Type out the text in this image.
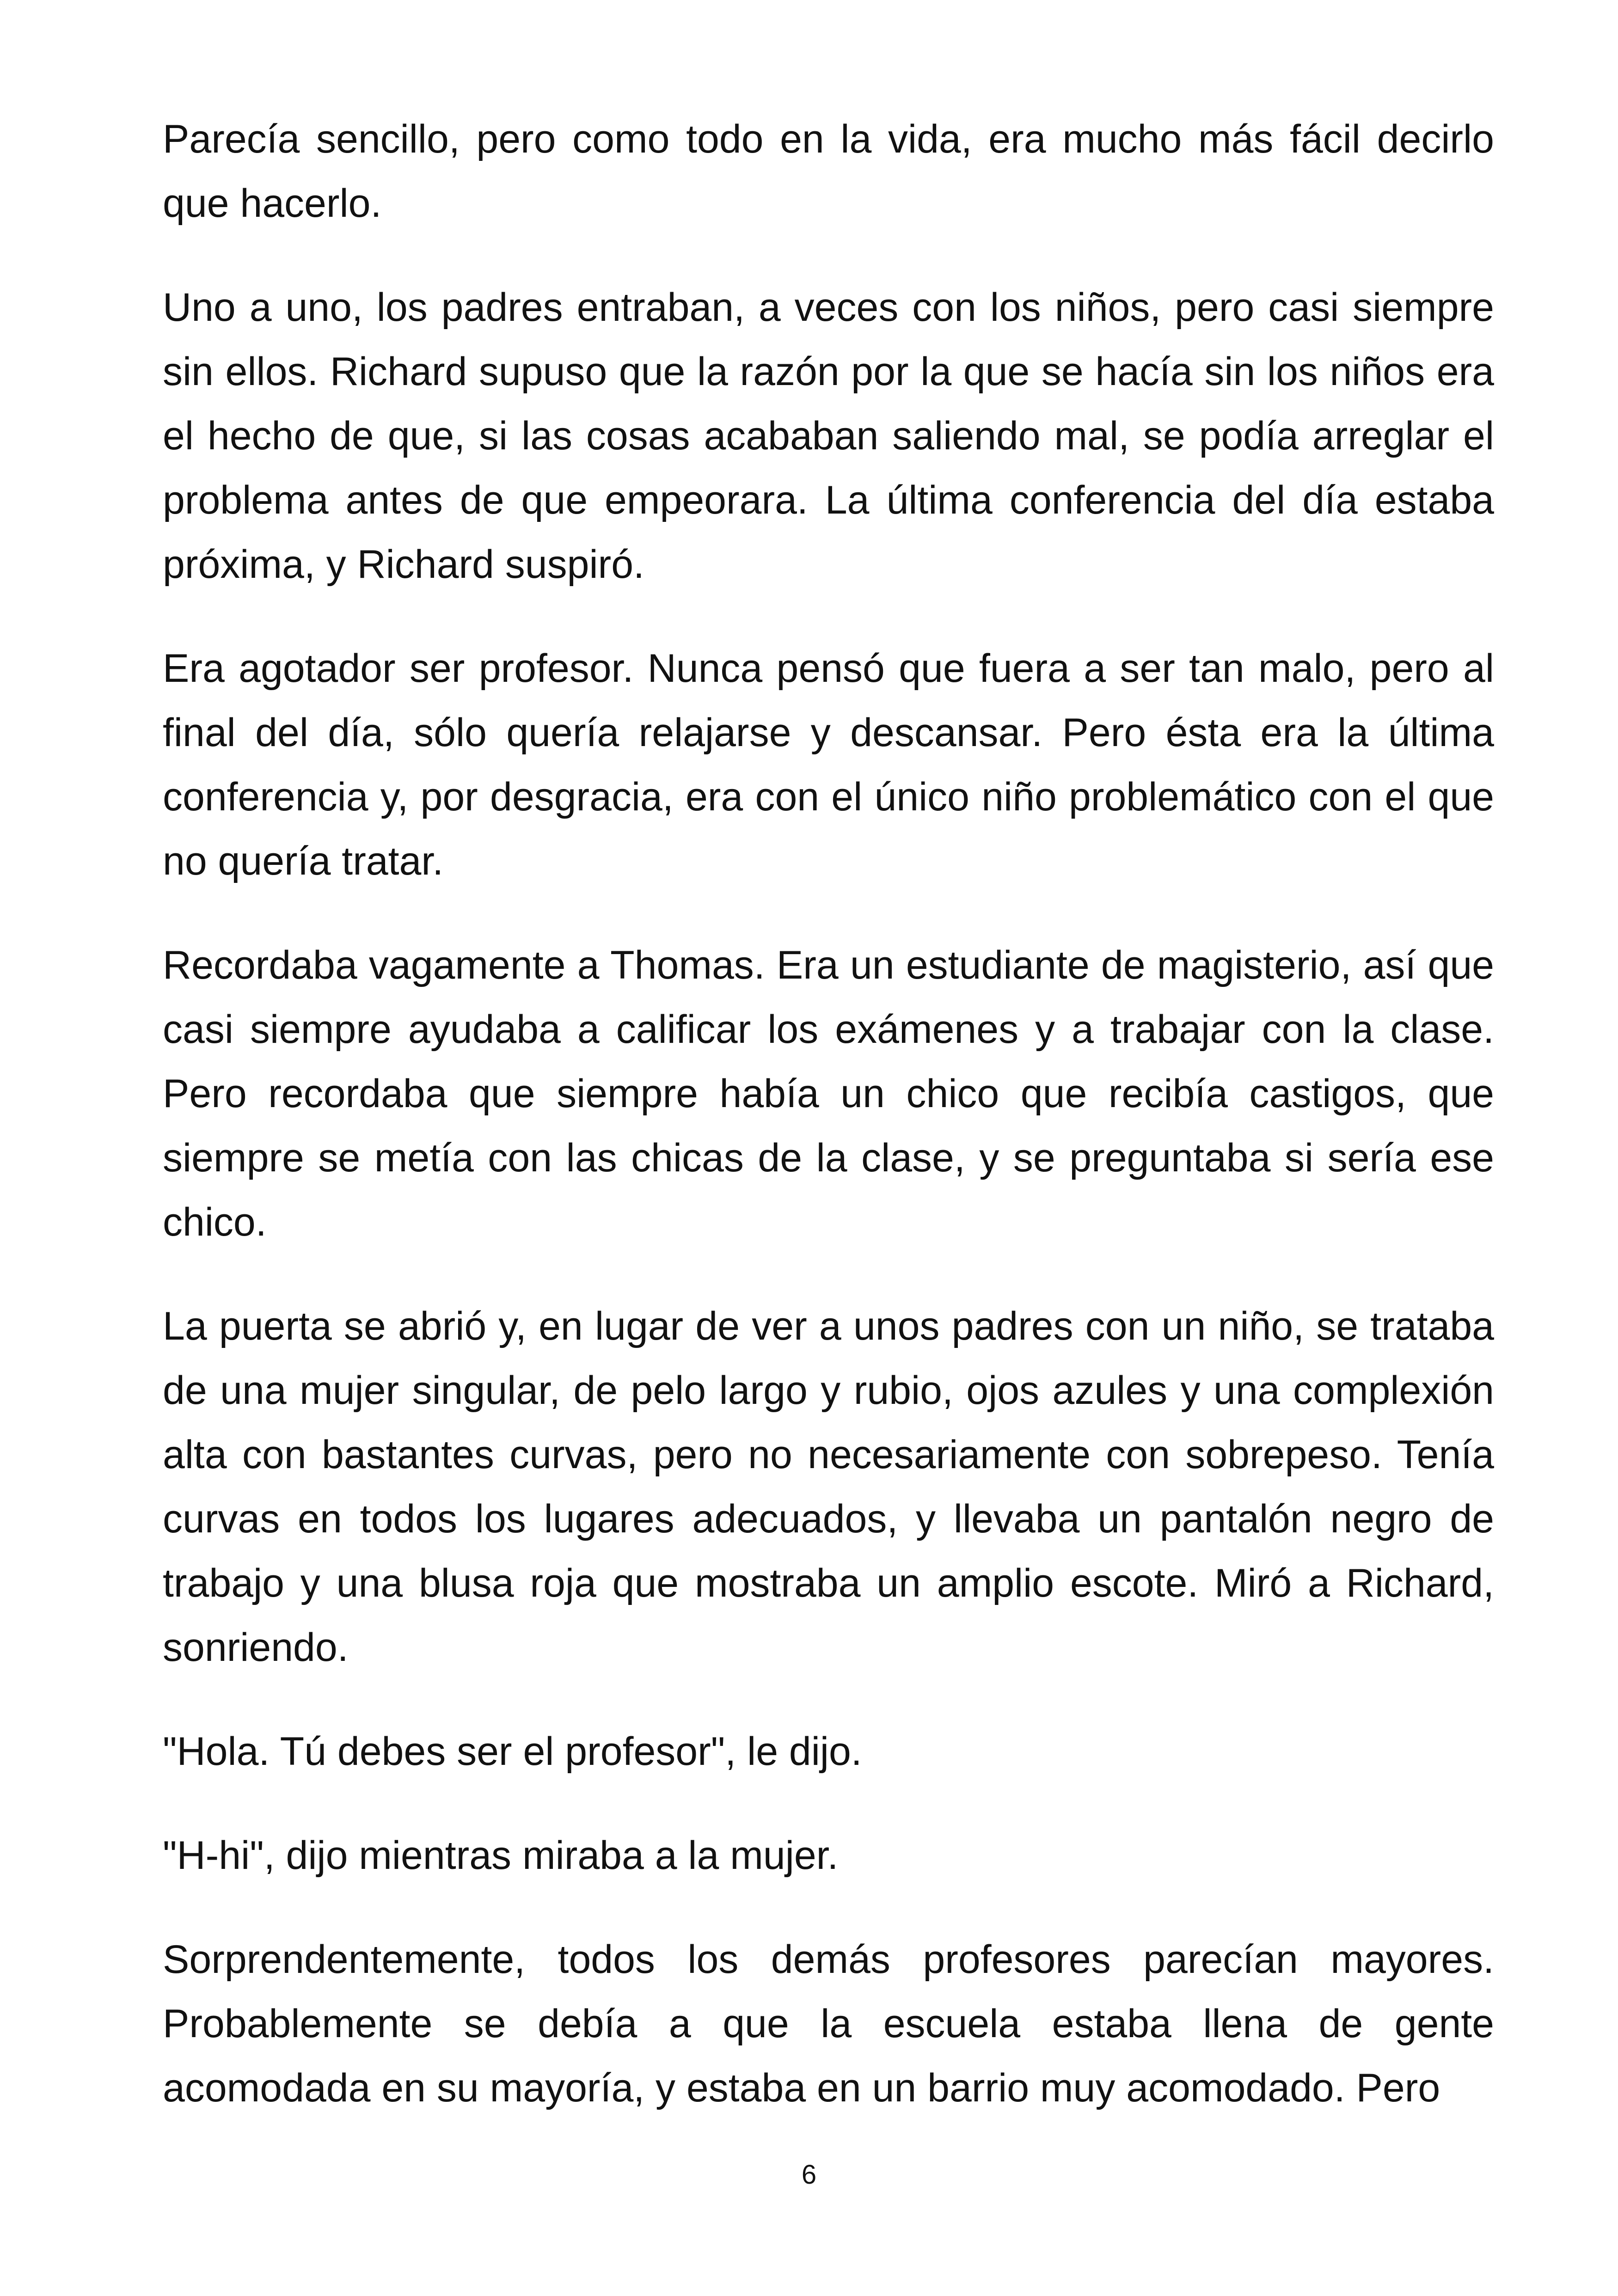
Parecía sencillo, pero como todo en la vida, era mucho más fácil decirlo que hacerlo.

Uno a uno, los padres entraban, a veces con los niños, pero casi siempre sin ellos. Richard supuso que la razón por la que se hacía sin los niños era el hecho de que, si las cosas acababan saliendo mal, se podía arreglar el problema antes de que empeorara. La última conferencia del día estaba próxima, y Richard suspiró.

Era agotador ser profesor. Nunca pensó que fuera a ser tan malo, pero al final del día, sólo quería relajarse y descansar. Pero ésta era la última conferencia y, por desgracia, era con el único niño problemático con el que no quería tratar.

Recordaba vagamente a Thomas. Era un estudiante de magisterio, así que casi siempre ayudaba a calificar los exámenes y a trabajar con la clase. Pero recordaba que siempre había un chico que recibía castigos, que siempre se metía con las chicas de la clase, y se preguntaba si sería ese chico.

La puerta se abrió y, en lugar de ver a unos padres con un niño, se trataba de una mujer singular, de pelo largo y rubio, ojos azules y una complexión alta con bastantes curvas, pero no necesariamente con sobrepeso. Tenía curvas en todos los lugares adecuados, y llevaba un pantalón negro de trabajo y una blusa roja que mostraba un amplio escote. Miró a Richard, sonriendo.

"Hola. Tú debes ser el profesor", le dijo.

"H-hi", dijo mientras miraba a la mujer.

Sorprendentemente, todos los demás profesores parecían mayores. Probablemente se debía a que la escuela estaba llena de gente acomodada en su mayoría, y estaba en un barrio muy acomodado. Pero

6
